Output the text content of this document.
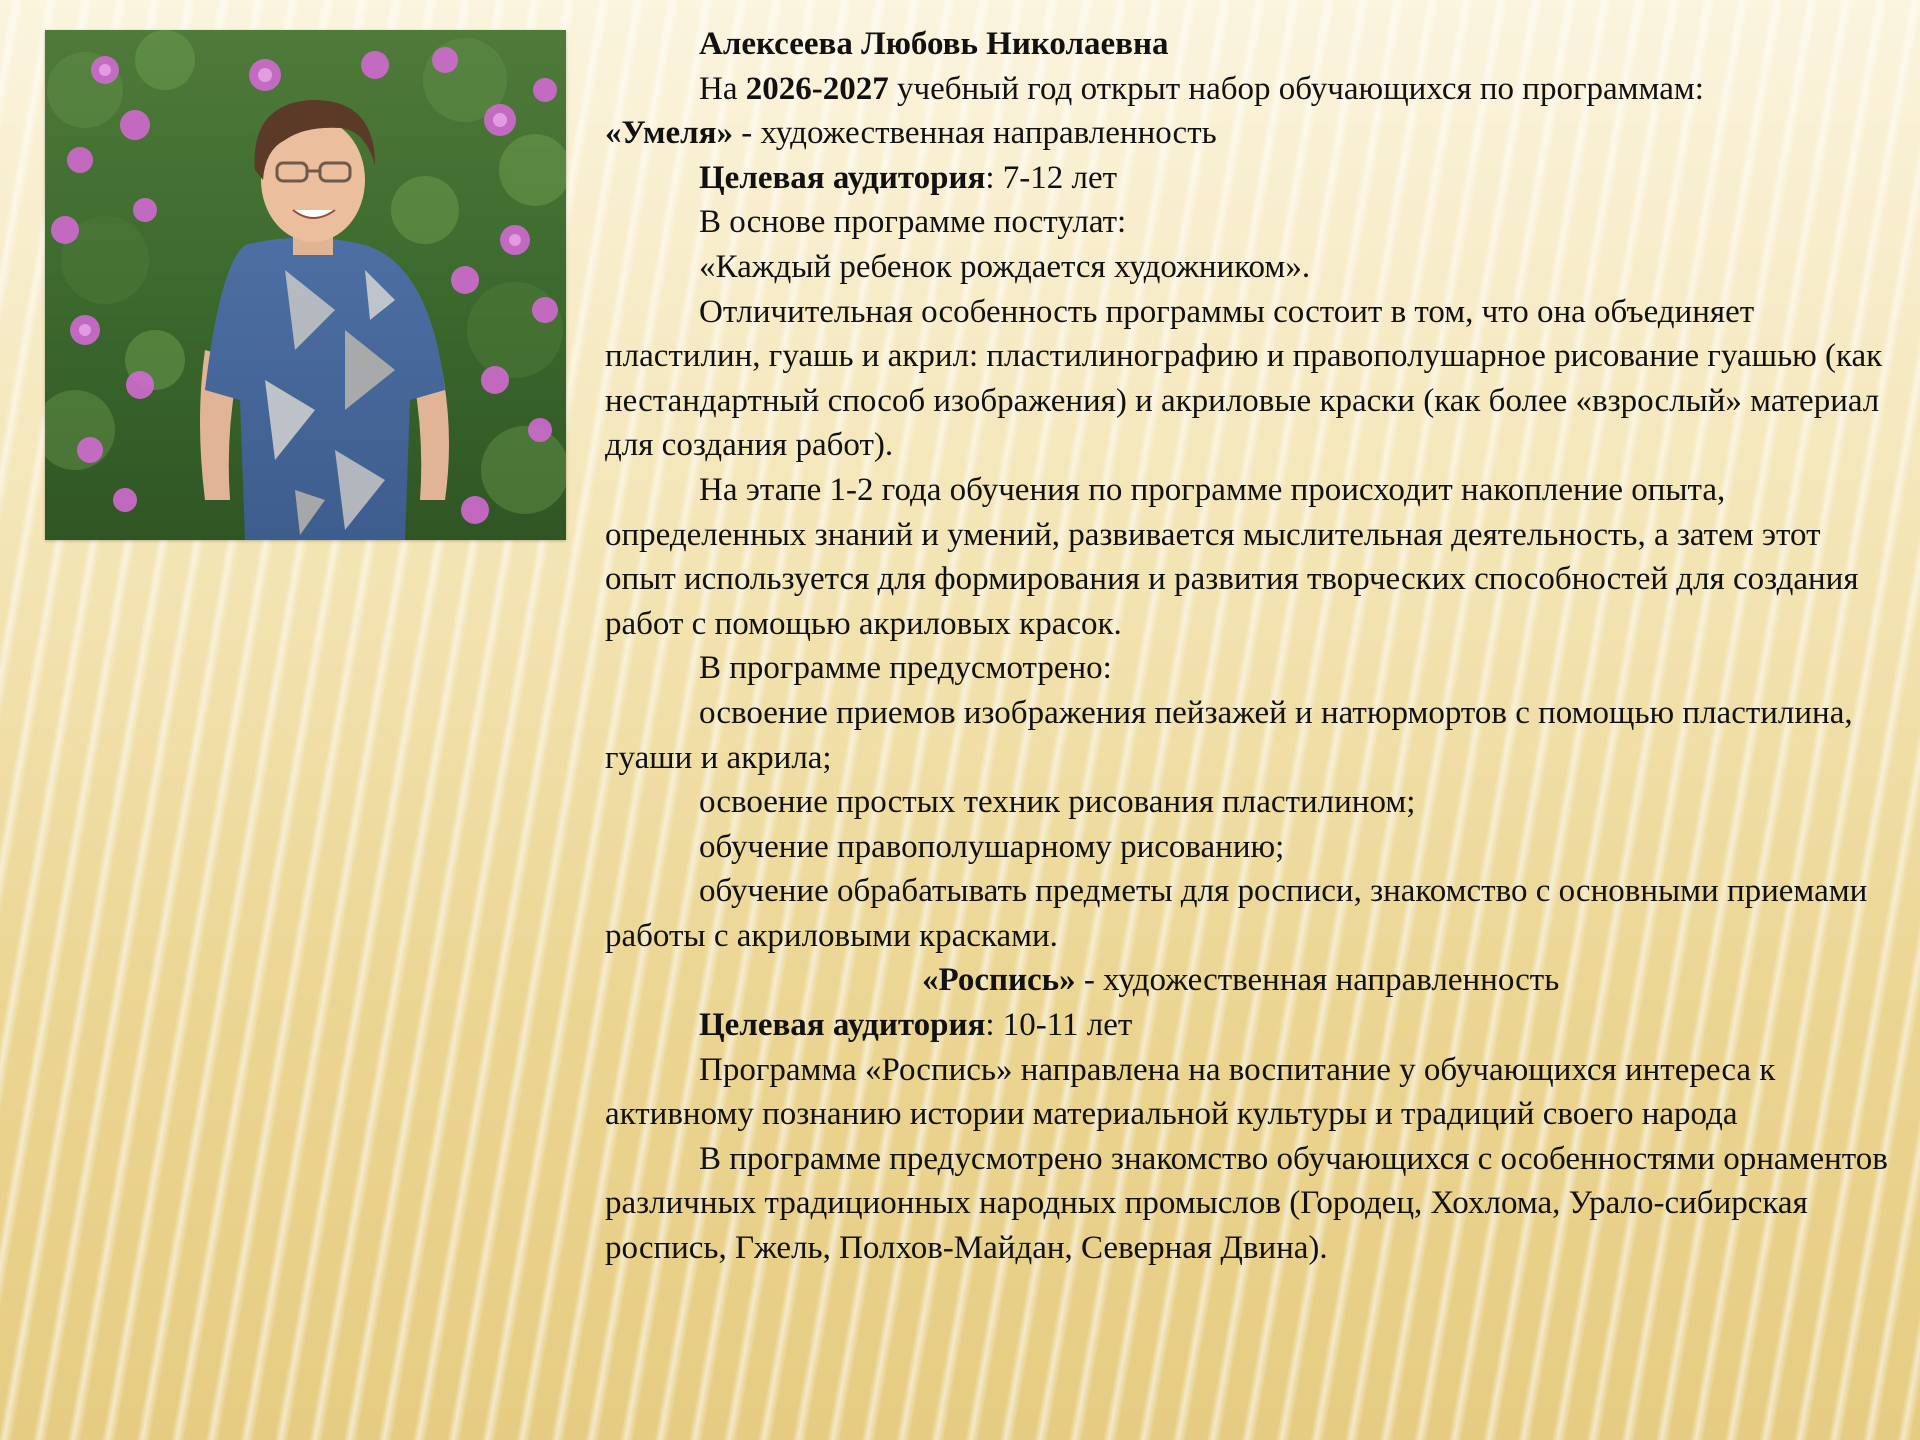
Алексеева Любовь Николаевна

На 2026-2027 учебный год открыт набор обучающихся по программам:

«Умеля» - художественная направленность

Целевая аудитория: 7-12 лет

В основе программе постулат:

«Каждый ребенок рождается художником».

Отличительная особенность программы состоит в том, что она объединяет пластилин, гуашь и акрил: пластилинографию и правополушарное рисование гуашью (как нестандартный способ изображения) и акриловые краски (как более «взрослый» материал для создания работ).

На этапе 1-2 года обучения по программе происходит накопление опыта, определенных знаний и умений, развивается мыслительная деятельность, а затем этот опыт используется для формирования и развития творческих способностей для создания работ с помощью акриловых красок.

В программе предусмотрено:

освоение приемов изображения пейзажей и натюрмортов с помощью пластилина, гуаши и акрила;

освоение простых техник рисования пластилином;

обучение правополушарному рисованию;

обучение обрабатывать предметы для росписи, знакомство с основными приемами работы с акриловыми красками.

«Роспись» - художественная направленность

Целевая аудитория: 10-11 лет

Программа «Роспись» направлена на воспитание у обучающихся интереса к активному познанию истории материальной культуры и традиций своего народа

В программе предусмотрено знакомство обучающихся с особенностями орнаментов различных традиционных народных промыслов (Городец, Хохлома, Урало-сибирская роспись, Гжель, Полхов-Майдан, Северная Двина).
